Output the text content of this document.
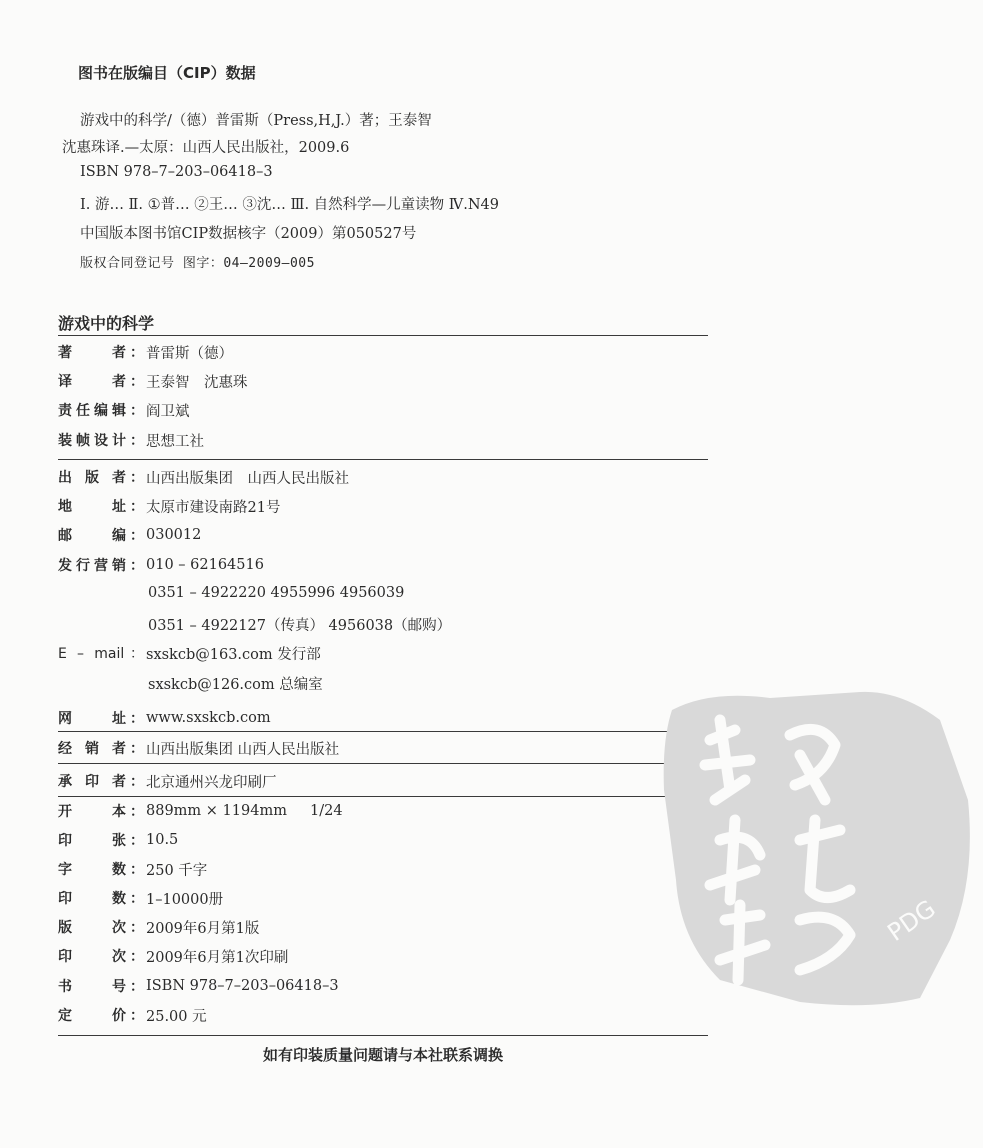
图书在版编目（CIP）数据
游戏中的科学/（德）普雷斯（Press,H,J.）著；王泰智
沈惠珠译.—太原：山西人民出版社，2009.6
ISBN 978–7–203–06418–3
Ⅰ. 游… Ⅱ. ①普… ②王… ③沈… Ⅲ. 自然科学—儿童读物 Ⅳ.N49
中国版本图书馆CIP数据核字（2009）第050527号
版权合同登记号 图字：04–2009–005
游戏中的科学
著　　者： 普雷斯（德）
译　　者： 王泰智　沈惠珠
责任编辑： 阎卫斌
装帧设计： 思想工社
出 版 者： 山西出版集团　山西人民出版社
地　　址： 太原市建设南路21号
邮　　编： 030012
发行营销： 010 – 62164516
0351 – 4922220 4955996 4956039
0351 – 4922127（传真） 4956038（邮购）
E – mail： sxskcb@163.com 发行部
sxskcb@126.com 总编室
网　　址： www.sxskcb.com
经 销 者： 山西出版集团 山西人民出版社
承 印 者： 北京通州兴龙印刷厂
开　　本： 889mm × 1194mm     1/24
印　　张： 10.5
字　　数： 250 千字
印　　数： 1–10000册
版　　次： 2009年6月第1版
印　　次： 2009年6月第1次印刷
书　　号： ISBN 978–7–203–06418–3
定　　价： 25.00 元
如有印装质量问题请与本社联系调换
PDG
